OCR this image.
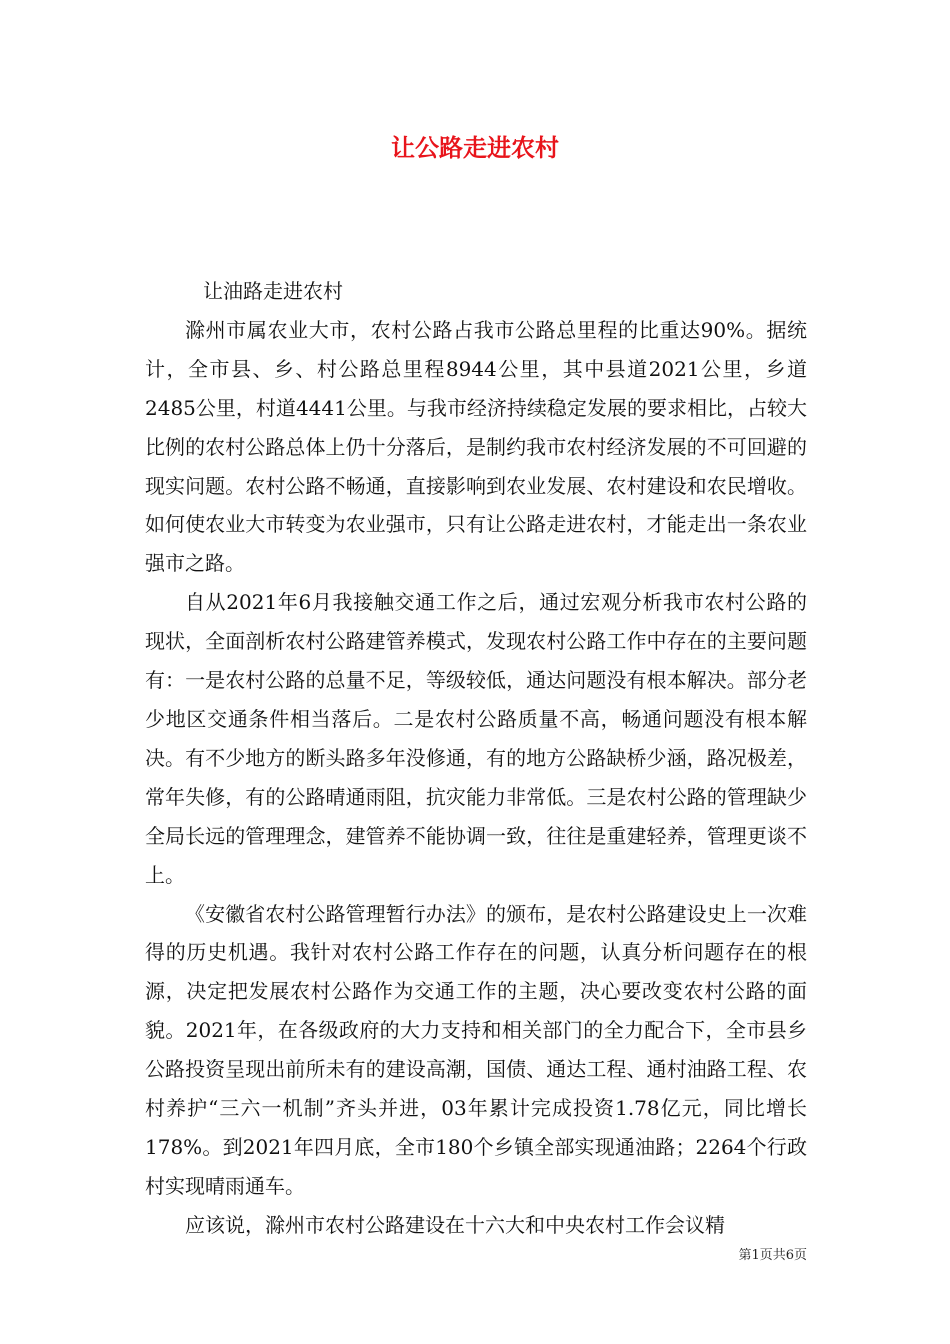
让公路走进农村

让油路走进农村

滁州市属农业大市，农村公路占我市公路总里程的比重达90%。据统计，全市县、乡、村公路总里程8944公里，其中县道2021公里，乡道2485公里，村道4441公里。与我市经济持续稳定发展的要求相比，占较大比例的农村公路总体上仍十分落后，是制约我市农村经济发展的不可回避的现实问题。农村公路不畅通，直接影响到农业发展、农村建设和农民增收。如何使农业大市转变为农业强市，只有让公路走进农村，才能走出一条农业强市之路。

自从2021年6月我接触交通工作之后，通过宏观分析我市农村公路的现状，全面剖析农村公路建管养模式，发现农村公路工作中存在的主要问题有：一是农村公路的总量不足，等级较低，通达问题没有根本解决。部分老少地区交通条件相当落后。二是农村公路质量不高，畅通问题没有根本解决。有不少地方的断头路多年没修通，有的地方公路缺桥少涵，路况极差，常年失修，有的公路晴通雨阻，抗灾能力非常低。三是农村公路的管理缺少全局长远的管理理念，建管养不能协调一致，往往是重建轻养，管理更谈不上。

《安徽省农村公路管理暂行办法》的颁布，是农村公路建设史上一次难得的历史机遇。我针对农村公路工作存在的问题，认真分析问题存在的根源，决定把发展农村公路作为交通工作的主题，决心要改变农村公路的面貌。2021年，在各级政府的大力支持和相关部门的全力配合下，全市县乡公路投资呈现出前所未有的建设高潮，国债、通达工程、通村油路工程、农村养护“三六一机制”齐头并进，03年累计完成投资1.78亿元，同比增长178%。到2021年四月底，全市180个乡镇全部实现通油路；2264个行政村实现晴雨通车。

应该说，滁州市农村公路建设在十六大和中央农村工作会议精

第1页共6页
